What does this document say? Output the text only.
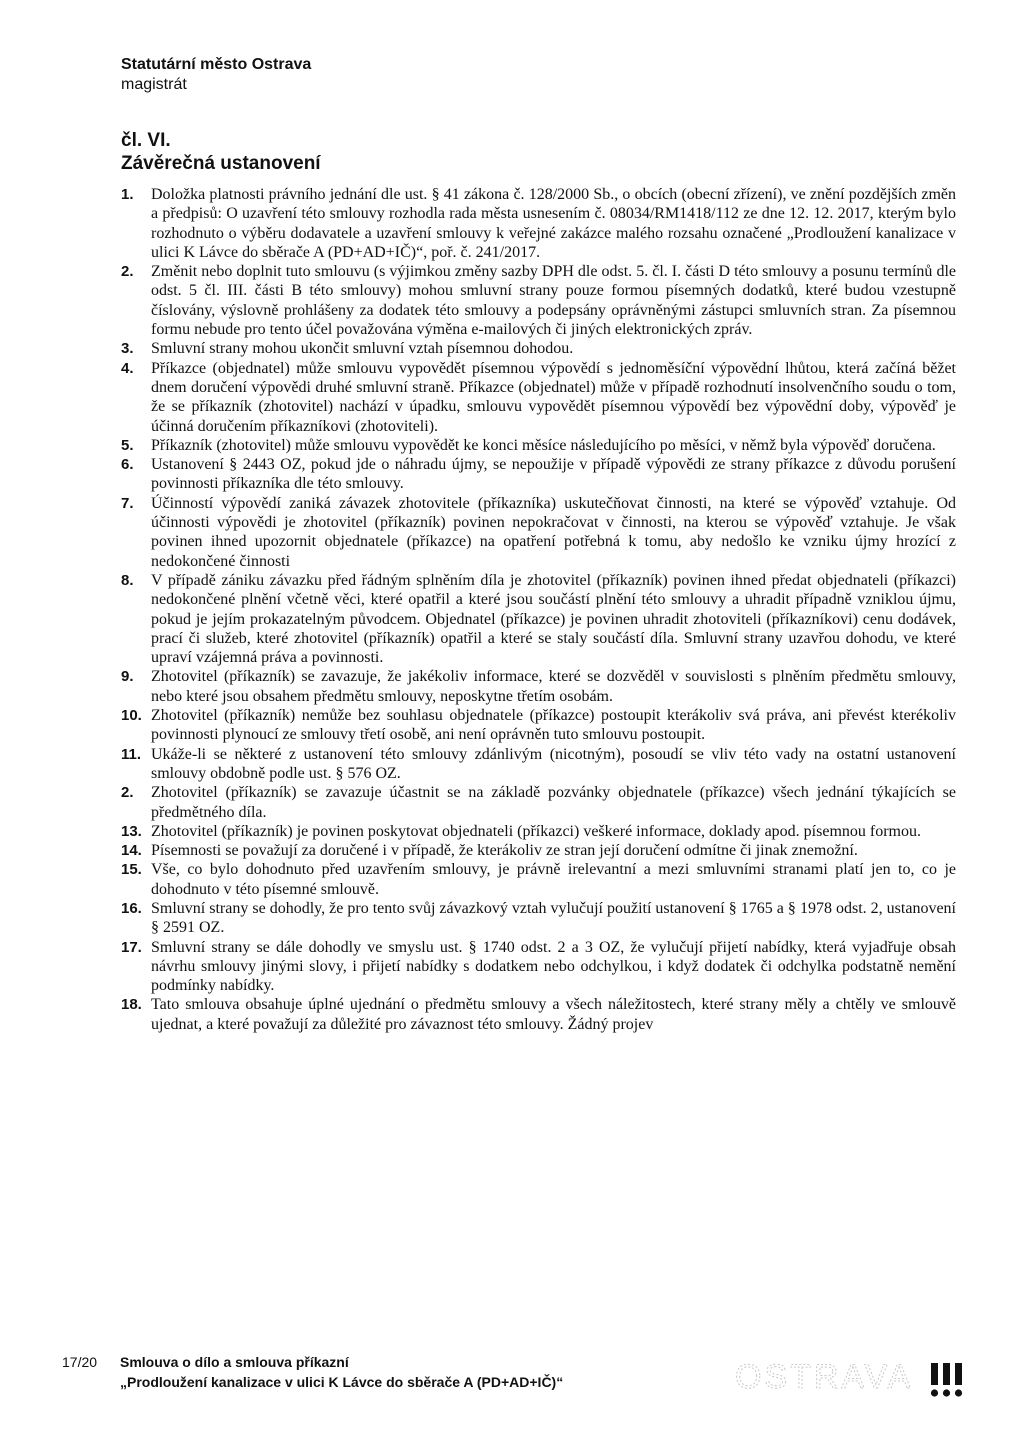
Statutární město Ostrava
magistrát
čl. VI.
Závěrečná ustanovení
1. Doložka platnosti právního jednání dle ust. § 41 zákona č. 128/2000 Sb., o obcích (obecní zřízení), ve znění pozdějších změn a předpisů: O uzavření této smlouvy rozhodla rada města usnesením č. 08034/RM1418/112 ze dne 12. 12. 2017, kterým bylo rozhodnuto o výběru dodavatele a uzavření smlouvy k veřejné zakázce malého rozsahu označené „Prodloužení kanalizace v ulici K Lávce do sběrače A (PD+AD+IČ)“, poř. č. 241/2017.
2. Změnit nebo doplnit tuto smlouvu (s výjimkou změny sazby DPH dle odst. 5. čl. I. části D této smlouvy a posunu termínů dle odst. 5 čl. III. části B této smlouvy) mohou smluvní strany pouze formou písemných dodatků, které budou vzestupně číslovány, výslovně prohlášeny za dodatek této smlouvy a podepsány oprávněnými zástupci smluvních stran. Za písemnou formu nebude pro tento účel považována výměna e-mailových či jiných elektronických zpráv.
3. Smluvní strany mohou ukončit smluvní vztah písemnou dohodou.
4. Příkazce (objednatel) může smlouvu vypovědět písemnou výpovědí s jednoměsíční výpovědní lhůtou, která začíná běžet dnem doručení výpovědi druhé smluvní straně. Příkazce (objednatel) může v případě rozhodnutí insolvenčního soudu o tom, že se příkazník (zhotovitel) nachází v úpadku, smlouvu vypovědět písemnou výpovědí bez výpovědní doby, výpověď je účinná doručením příkazníkovi (zhotoviteli).
5. Příkazník (zhotovitel) může smlouvu vypovědět ke konci měsíce následujícího po měsíci, v němž byla výpověď doručena.
6. Ustanovení § 2443 OZ, pokud jde o náhradu újmy, se nepoužije v případě výpovědi ze strany příkazce z důvodu porušení povinnosti příkazníka dle této smlouvy.
7. Účinností výpovědí zaniká závazek zhotovitele (příkazníka) uskutečňovat činnosti, na které se výpověď vztahuje. Od účinnosti výpovědi je zhotovitel (příkazník) povinen nepokračovat v činnosti, na kterou se výpověď vztahuje. Je však povinen ihned upozornit objednatele (příkazce) na opatření potřebná k tomu, aby nedošlo ke vzniku újmy hrozící z nedokončené činnosti
8. V případě zániku závazku před řádným splněním díla je zhotovitel (příkazník) povinen ihned předat objednateli (příkazci) nedokončené plnění včetně věci, které opatřil a které jsou součástí plnění této smlouvy a uhradit případně vzniklou újmu, pokud je jejím prokazatelným původcem. Objednatel (příkazce) je povinen uhradit zhotoviteli (příkazníkovi) cenu dodávek, prací či služeb, které zhotovitel (příkazník) opatřil a které se staly součástí díla. Smluvní strany uzavřou dohodu, ve které upraví vzájemná práva a povinnosti.
9. Zhotovitel (příkazník) se zavazuje, že jakékoliv informace, které se dozvěděl v souvislosti s plněním předmětu smlouvy, nebo které jsou obsahem předmětu smlouvy, neposkytne třetím osobám.
10. Zhotovitel (příkazník) nemůže bez souhlasu objednatele (příkazce) postoupit kterákoliv svá práva, ani převést kterékoliv povinnosti plynoucí ze smlouvy třetí osobě, ani není oprávněn tuto smlouvu postoupit.
11. Ukáže-li se některé z ustanovení této smlouvy zdánlivým (nicotným), posoudí se vliv této vady na ostatní ustanovení smlouvy obdobně podle ust. § 576 OZ.
2. Zhotovitel (příkazník) se zavazuje účastnit se na základě pozvánky objednatele (příkazce) všech jednání týkajících se předmětného díla.
13. Zhotovitel (příkazník) je povinen poskytovat objednateli (příkazci) veškeré informace, doklady apod. písemnou formou.
14. Písemnosti se považují za doručené i v případě, že kterákoliv ze stran její doručení odmítne či jinak znemožní.
15. Vše, co bylo dohodnuto před uzavřením smlouvy, je právně irelevantní a mezi smluvními stranami platí jen to, co je dohodnuto v této písemné smlouvě.
16. Smluvní strany se dohodly, že pro tento svůj závazkový vztah vylučují použití ustanovení § 1765 a § 1978 odst. 2, ustanovení § 2591 OZ.
17. Smluvní strany se dále dohodly ve smyslu ust. § 1740 odst. 2 a 3 OZ, že vylučují přijetí nabídky, která vyjadřuje obsah návrhu smlouvy jinými slovy, i přijetí nabídky s dodatkem nebo odchylkou, i když dodatek či odchylka podstatně nemění podmínky nabídky.
18. Tato smlouva obsahuje úplné ujednání o předmětu smlouvy a všech náležitostech, které strany měly a chtěly ve smlouvě ujednat, a které považují za důležité pro závaznost této smlouvy. Žádný projev
17/20 Smlouva o dílo a smlouva příkazní
„Prodloužení kanalizace v ulici K Lávce do sběrače A (PD+AD+IČ)“	OSTRAVA
